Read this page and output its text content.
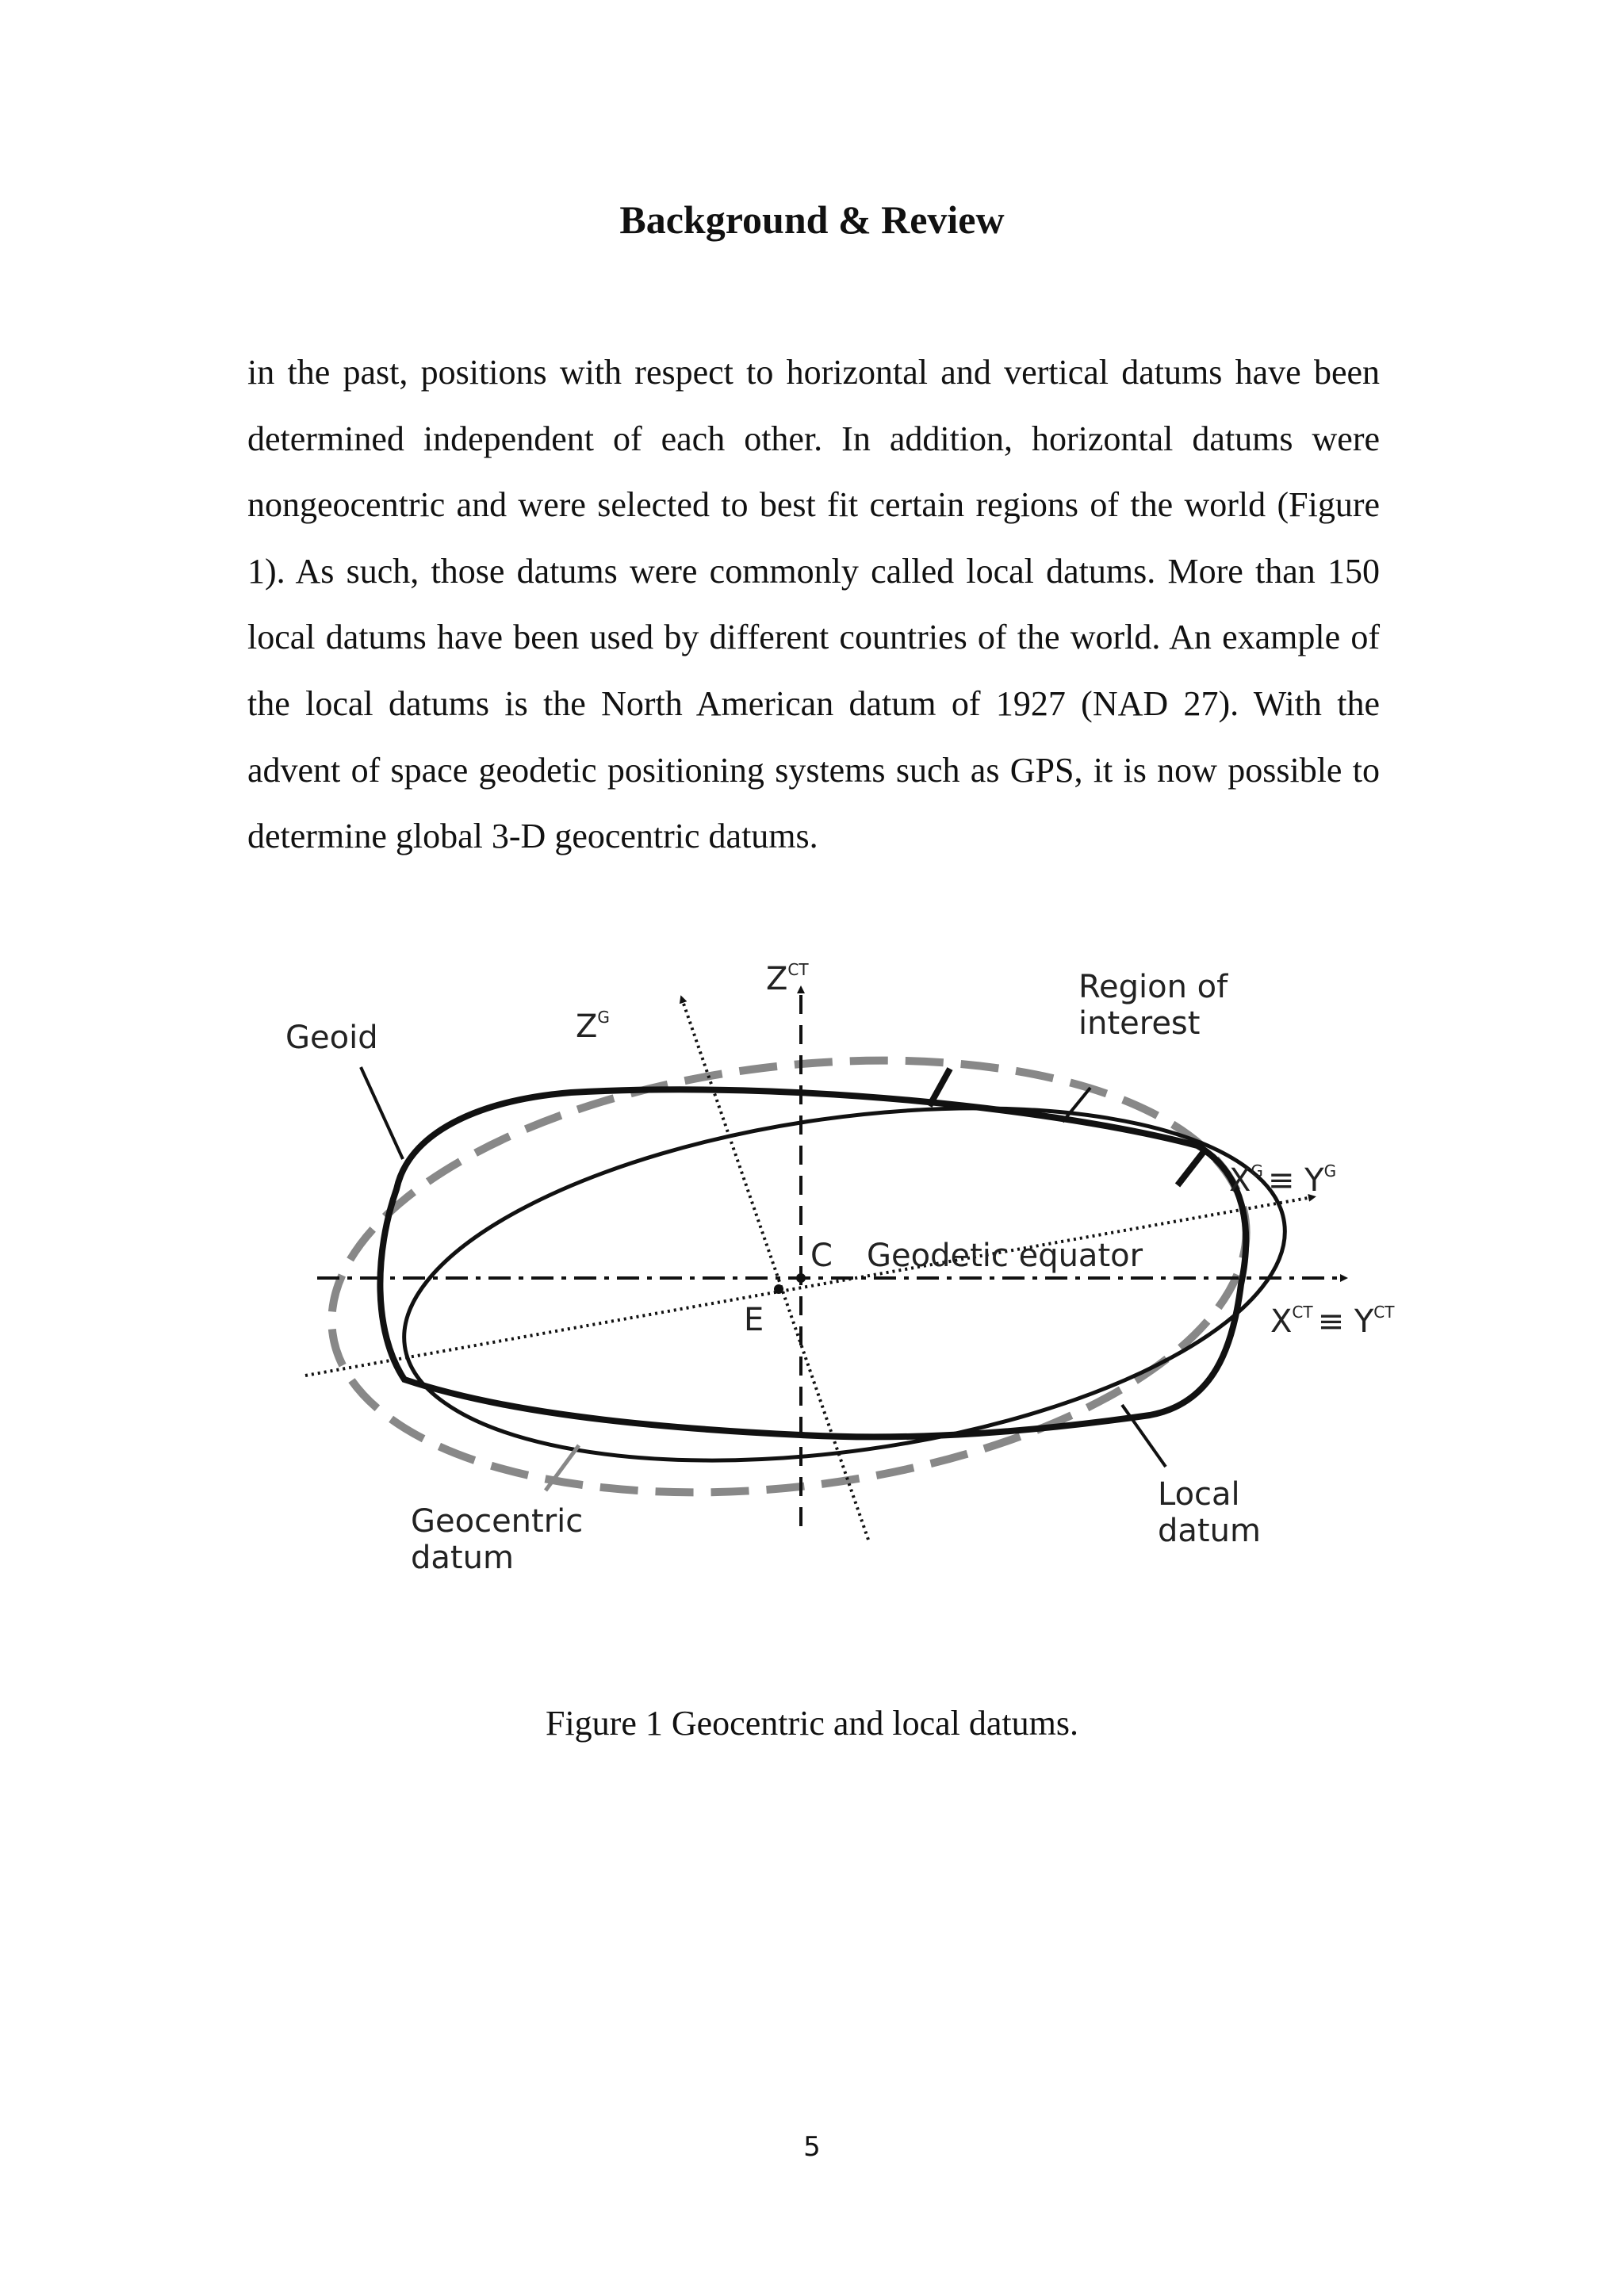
Background & Review

in the past, positions with respect to horizontal and vertical datums have been determined independent of each other. In addition, horizontal datums were nongeocentric and were selected to best fit certain regions of the world (Figure 1). As such, those datums were commonly called local datums. More than 150 local datums have been used by different countries of the world. An example of the local datums is the North American datum of 1927 (NAD 27). With the advent of space geodetic positioning systems such as GPS, it is now possible to determine global 3-D geocentric datums.

Geoid	ZG
ZCT	Region of
interest
XG ≡ YG
C Geodetic equator
E	XCT ≡ YCT
Geocentric
datum
Local
datum

Figure 1 Geocentric and local datums.

5
